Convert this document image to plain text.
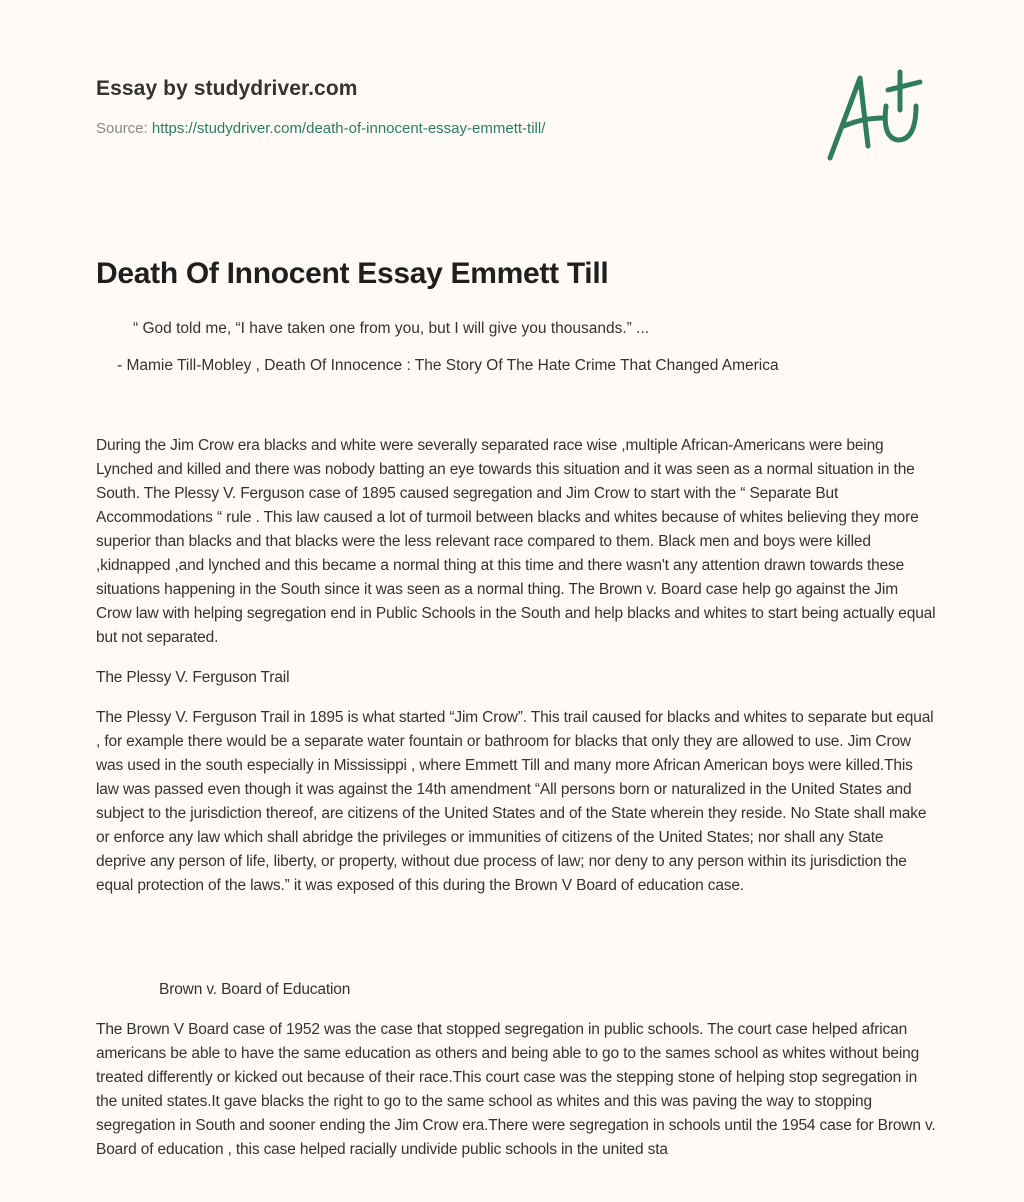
Essay by studydriver.com
Source: https://studydriver.com/death-of-innocent-essay-emmett-till/
Death Of Innocent Essay Emmett Till
“ God told me, “I have taken one from you, but I will give you thousands.” ...
- Mamie Till-Mobley , Death Of Innocence : The Story Of The Hate Crime That Changed America

During the Jim Crow era blacks and white were severally separated race wise ,multiple African-Americans were being Lynched and killed and there was nobody batting an eye towards this situation and it was seen as a normal situation in the South. The Plessy V. Ferguson case of 1895 caused segregation and Jim Crow to start with the “ Separate But Accommodations “ rule . This law caused a lot of turmoil between blacks and whites because of whites believing they more superior than blacks and that blacks were the less relevant race compared to them. Black men and boys were killed ,kidnapped ,and lynched and this became a normal thing at this time and there wasn't any attention drawn towards these situations happening in the South since it was seen as a normal thing. The Brown v. Board case help go against the Jim Crow law with helping segregation end in Public Schools in the South and help blacks and whites to start being actually equal but not separated.

The Plessy V. Ferguson Trail

The Plessy V. Ferguson Trail in 1895 is what started “Jim Crow”. This trail caused for blacks and whites to separate but equal , for example there would be a separate water fountain or bathroom for blacks that only they are allowed to use. Jim Crow was used in the south especially in Mississippi , where Emmett Till and many more African American boys were killed.This law was passed even though it was against the 14th amendment “All persons born or naturalized in the United States and subject to the jurisdiction thereof, are citizens of the United States and of the State wherein they reside. No State shall make or enforce any law which shall abridge the privileges or immunities of citizens of the United States; nor shall any State deprive any person of life, liberty, or property, without due process of law; nor deny to any person within its jurisdiction the equal protection of the laws.” it was exposed of this during the Brown V Board of education case.

Brown v. Board of Education

The Brown V Board case of 1952 was the case that stopped segregation in public schools. The court case helped african americans be able to have the same education as others and being able to go to the sames school as whites without being treated differently or kicked out because of their race.This court case was the stepping stone of helping stop segregation in the united states.It gave blacks the right to go to the same school as whites and this was paving the way to stopping segregation in South and sooner ending the Jim Crow era.There were segregation in schools until the 1954 case for Brown v. Board of education , this case helped racially undivide public schools in the united sta
